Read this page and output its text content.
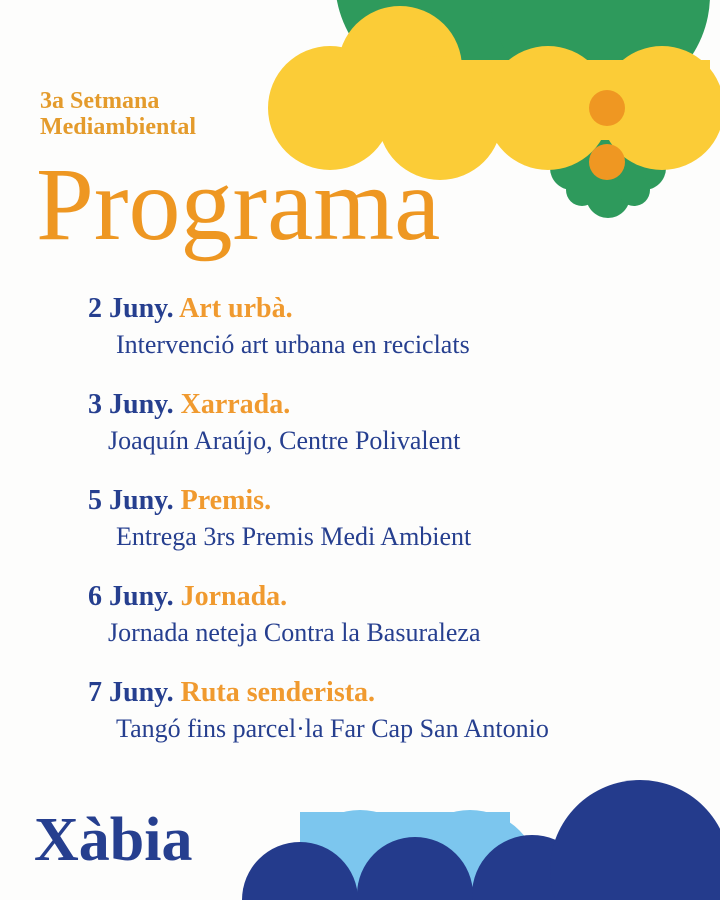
3a Setmana
Mediambiental
Programa
2 Juny. Art urbà.
Intervenció art urbana en reciclats
3 Juny. Xarrada.
Joaquín Araújo, Centre Polivalent
5 Juny. Premis.
Entrega 3rs Premis Medi Ambient
6 Juny. Jornada.
Jornada neteja Contra la Basuraleza
7 Juny. Ruta senderista.
Tangó fins parcel·la Far Cap San Antonio
Xàbia
